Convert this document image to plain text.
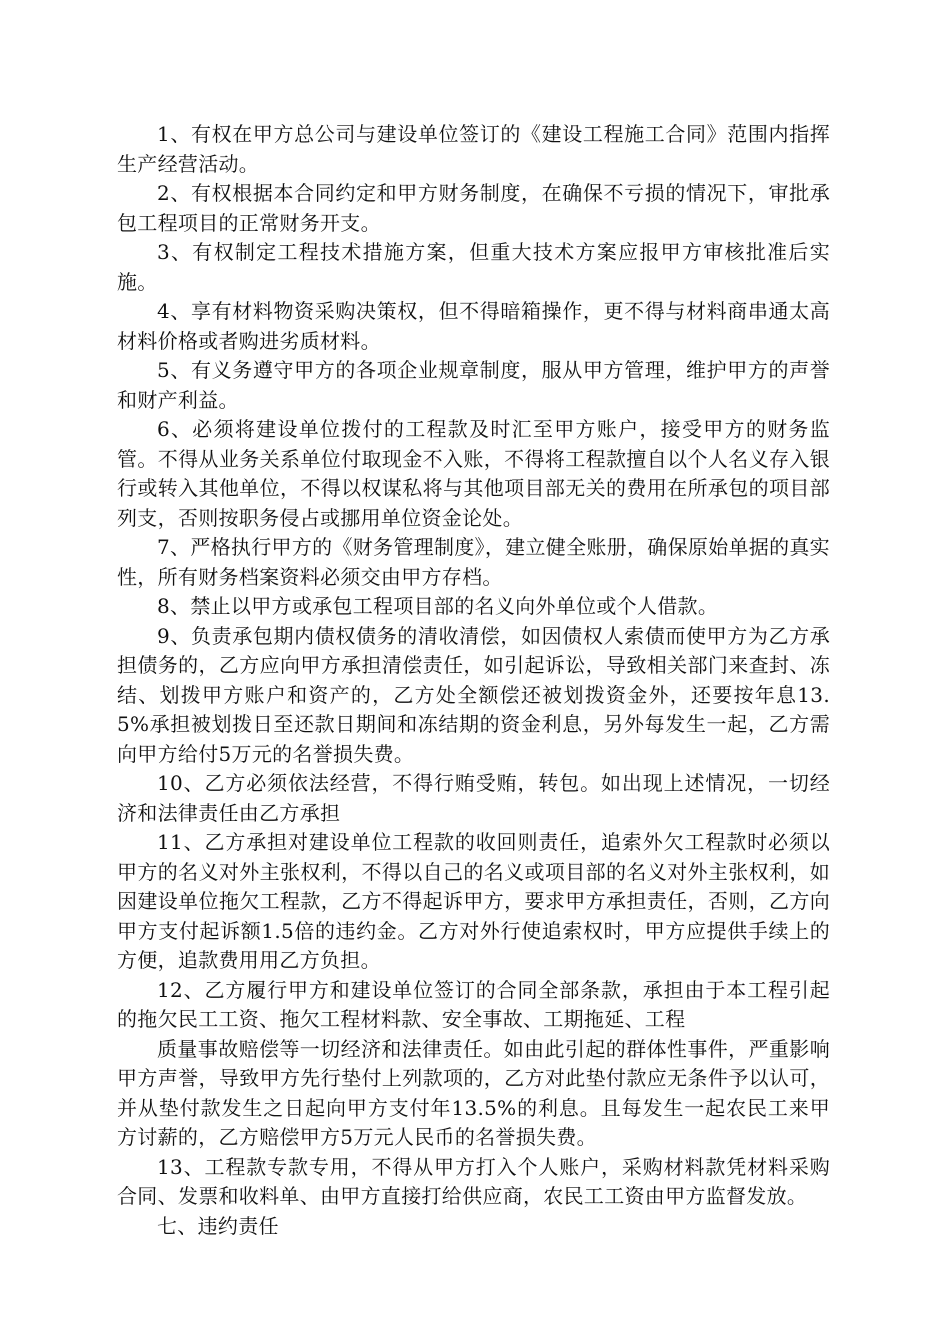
1、有权在甲方总公司与建设单位签订的《建设工程施工合同》范围内指挥生产经营活动。

2、有权根据本合同约定和甲方财务制度，在确保不亏损的情况下，审批承包工程项目的正常财务开支。

3、有权制定工程技术措施方案，但重大技术方案应报甲方审核批准后实施。

4、享有材料物资采购决策权，但不得暗箱操作，更不得与材料商串通太高材料价格或者购进劣质材料。

5、有义务遵守甲方的各项企业规章制度，服从甲方管理，维护甲方的声誉和财产利益。

6、必须将建设单位拨付的工程款及时汇至甲方账户，接受甲方的财务监管。不得从业务关系单位付取现金不入账，不得将工程款擅自以个人名义存入银行或转入其他单位，不得以权谋私将与其他项目部无关的费用在所承包的项目部列支，否则按职务侵占或挪用单位资金论处。

7、严格执行甲方的《财务管理制度》，建立健全账册，确保原始单据的真实性，所有财务档案资料必须交由甲方存档。

8、禁止以甲方或承包工程项目部的名义向外单位或个人借款。

9、负责承包期内债权债务的清收清偿，如因债权人索债而使甲方为乙方承担债务的，乙方应向甲方承担清偿责任，如引起诉讼，导致相关部门来查封、冻结、划拨甲方账户和资产的，乙方处全额偿还被划拨资金外，还要按年息13.5%承担被划拨日至还款日期间和冻结期的资金利息，另外每发生一起，乙方需向甲方给付5万元的名誉损失费。

10、乙方必须依法经营，不得行贿受贿，转包。如出现上述情况，一切经济和法律责任由乙方承担

11、乙方承担对建设单位工程款的收回则责任，追索外欠工程款时必须以甲方的名义对外主张权利，不得以自己的名义或项目部的名义对外主张权利，如因建设单位拖欠工程款，乙方不得起诉甲方，要求甲方承担责任，否则，乙方向甲方支付起诉额1.5倍的违约金。乙方对外行使追索权时，甲方应提供手续上的方便，追款费用用乙方负担。

12、乙方履行甲方和建设单位签订的合同全部条款，承担由于本工程引起的拖欠民工工资、拖欠工程材料款、安全事故、工期拖延、工程

质量事故赔偿等一切经济和法律责任。如由此引起的群体性事件，严重影响甲方声誉，导致甲方先行垫付上列款项的，乙方对此垫付款应无条件予以认可，并从垫付款发生之日起向甲方支付年13.5%的利息。且每发生一起农民工来甲方讨薪的，乙方赔偿甲方5万元人民币的名誉损失费。

13、工程款专款专用，不得从甲方打入个人账户，采购材料款凭材料采购合同、发票和收料单、由甲方直接打给供应商，农民工工资由甲方监督发放。

七、违约责任
